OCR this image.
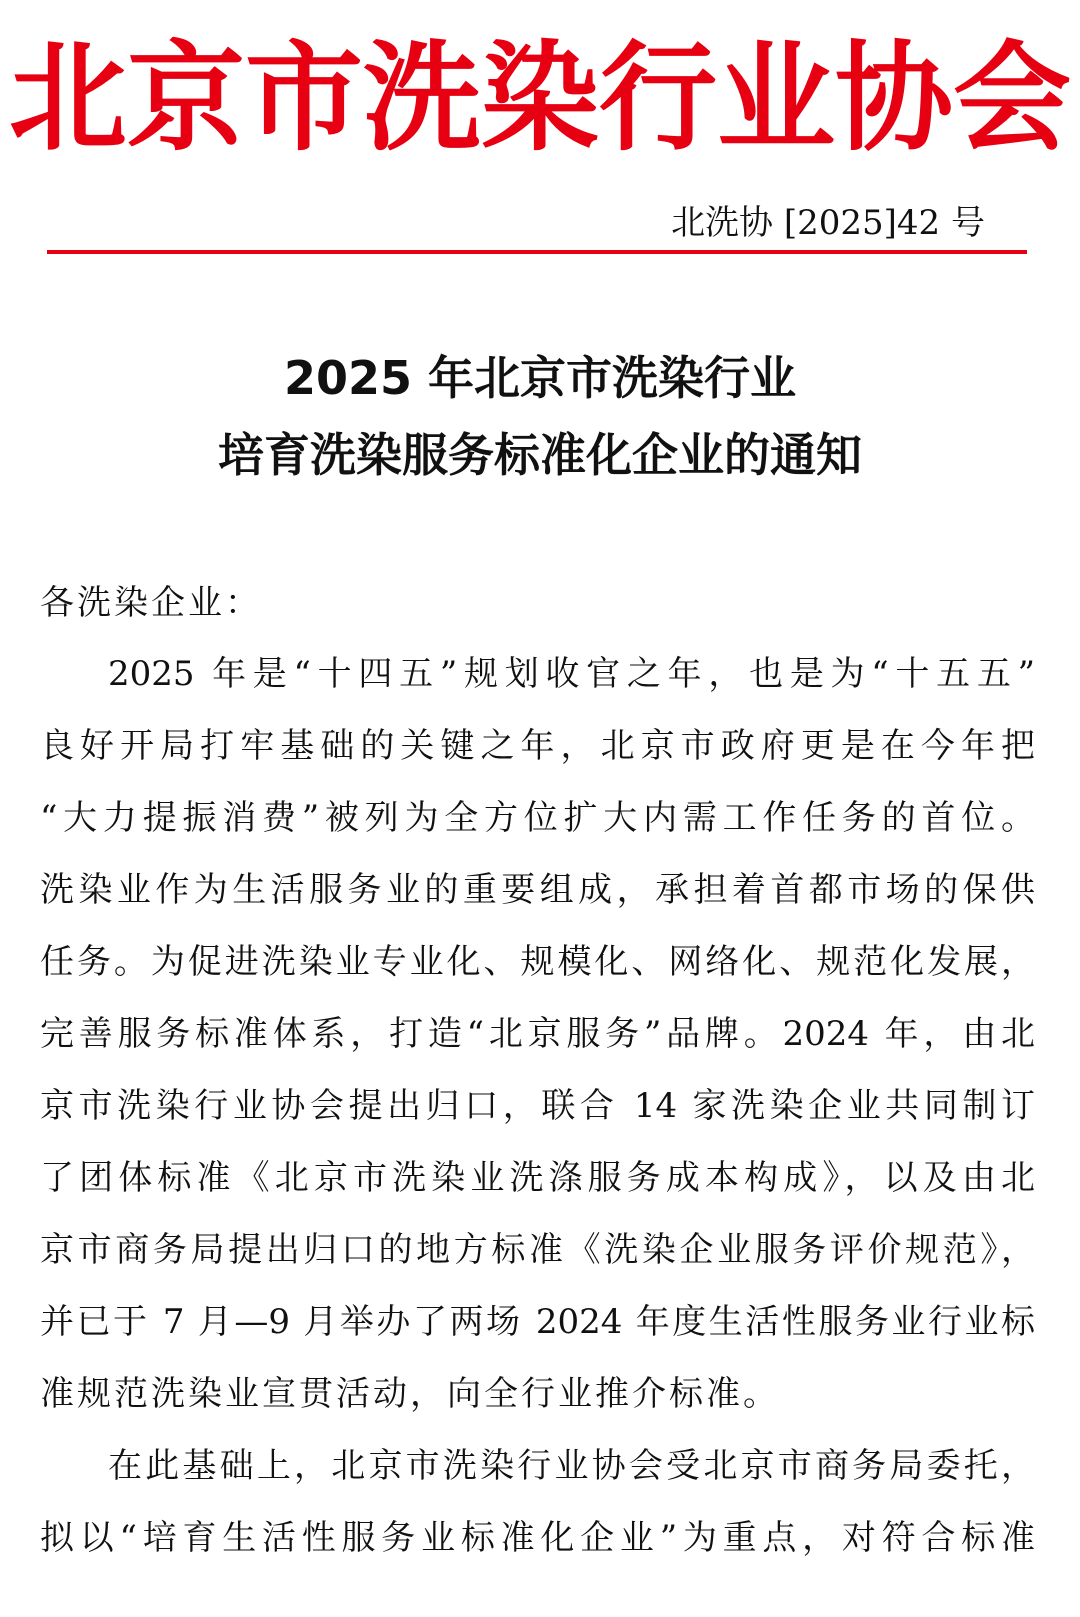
北京市洗染行业协会
北洗协 [2025]42 号
2025 年北京市洗染行业
培育洗染服务标准化企业的通知
各洗染企业：
2025 年是“十四五”规划收官之年，也是为“十五五”
良好开局打牢基础的关键之年，北京市政府更是在今年把
“大力提振消费”被列为全方位扩大内需工作任务的首位。
洗染业作为生活服务业的重要组成，承担着首都市场的保供
任务。为促进洗染业专业化、规模化、网络化、规范化发展，
完善服务标准体系，打造“北京服务”品牌。2024 年，由北
京市洗染行业协会提出归口，联合 14 家洗染企业共同制订
了团体标准《北京市洗染业洗涤服务成本构成》，以及由北
京市商务局提出归口的地方标准《洗染企业服务评价规范》，
并已于 7 月—9 月举办了两场 2024 年度生活性服务业行业标
准规范洗染业宣贯活动，向全行业推介标准。
在此基础上，北京市洗染行业协会受北京市商务局委托，
拟以“培育生活性服务业标准化企业”为重点，对符合标准
